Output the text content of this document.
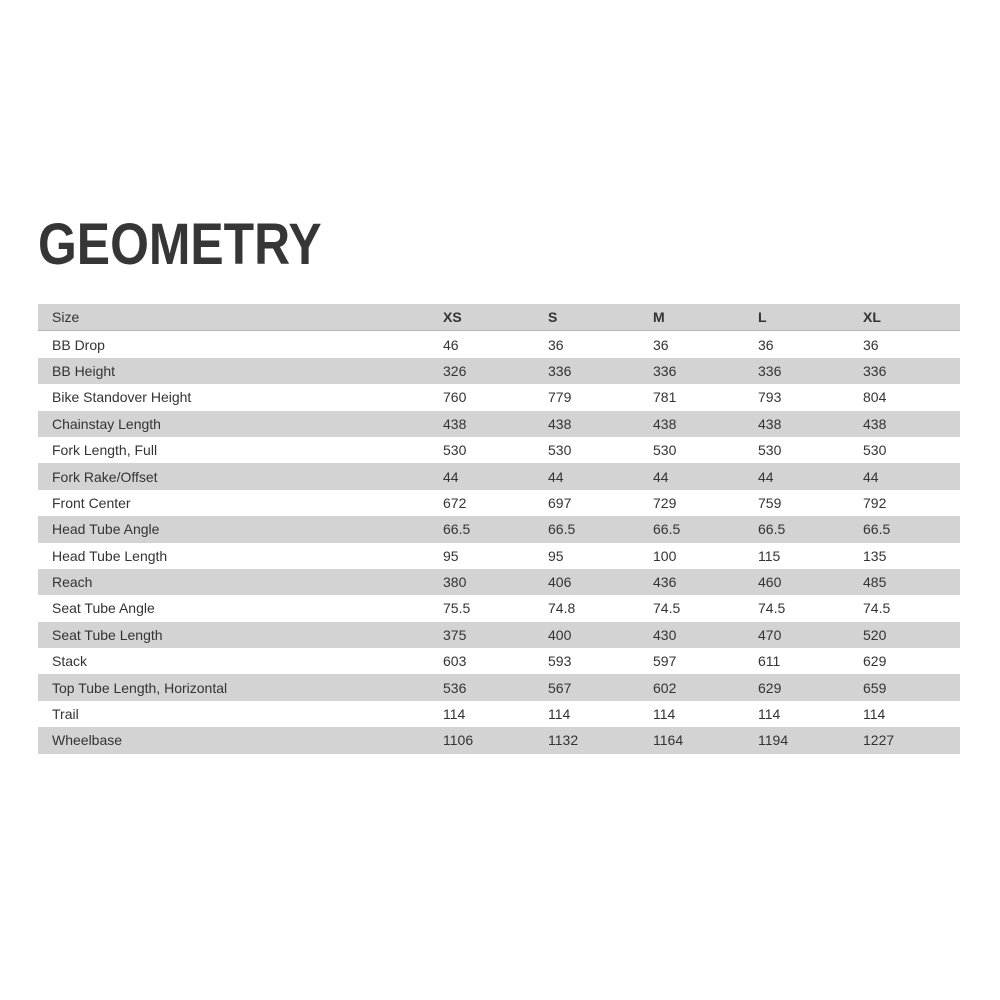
GEOMETRY
Size	XS	S	M	L	XL
BB Drop	46	36	36	36	36
BB Height	326	336	336	336	336
Bike Standover Height	760	779	781	793	804
Chainstay Length	438	438	438	438	438
Fork Length, Full	530	530	530	530	530
Fork Rake/Offset	44	44	44	44	44
Front Center	672	697	729	759	792
Head Tube Angle	66.5	66.5	66.5	66.5	66.5
Head Tube Length	95	95	100	115	135
Reach	380	406	436	460	485
Seat Tube Angle	75.5	74.8	74.5	74.5	74.5
Seat Tube Length	375	400	430	470	520
Stack	603	593	597	611	629
Top Tube Length, Horizontal	536	567	602	629	659
Trail	114	114	114	114	114
Wheelbase	1106	1132	1164	1194	1227
